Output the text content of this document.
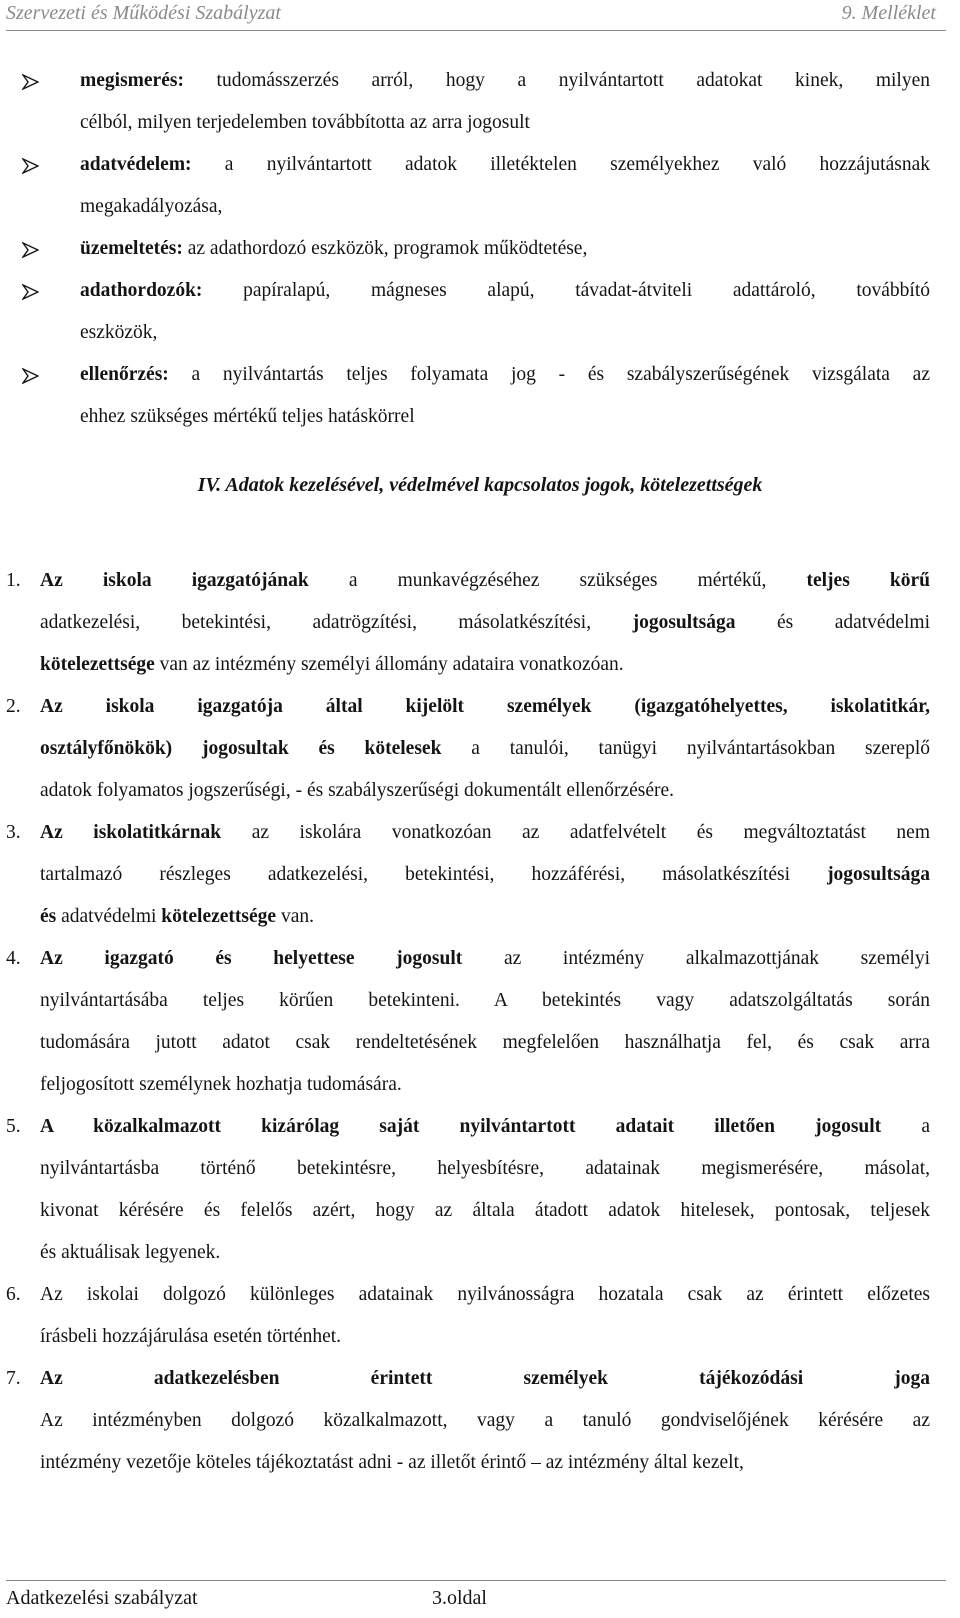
Szervezeti és Működési Szabályzat	9. Melléklet
megismerés: tudomásszerzés arról, hogy a nyilvántartott adatokat kinek, milyen
célból, milyen terjedelemben továbbította az arra jogosult
adatvédelem: a nyilvántartott adatok illetéktelen személyekhez való hozzájutásnak
megakadályozása,
üzemeltetés: az adathordozó eszközök, programok működtetése,
adathordozók: papíralapú, mágneses alapú, távadat-átviteli adattároló, továbbító
eszközök,
ellenőrzés: a nyilvántartás teljes folyamata jog - és szabályszerűségének vizsgálata az
ehhez szükséges mértékű teljes hatáskörrel
IV. Adatok kezelésével, védelmével kapcsolatos jogok, kötelezettségek
1. Az iskola igazgatójának a munkavégzéséhez szükséges mértékű, teljes körű
adatkezelési, betekintési, adatrögzítési, másolatkészítési, jogosultsága és adatvédelmi
kötelezettsége van az intézmény személyi állomány adataira vonatkozóan.
2. Az iskola igazgatója által kijelölt személyek (igazgatóhelyettes, iskolatitkár,
osztályfőnökök) jogosultak és kötelesek a tanulói, tanügyi nyilvántartásokban szereplő
adatok folyamatos jogszerűségi, - és szabályszerűségi dokumentált ellenőrzésére.
3. Az iskolatitkárnak az iskolára vonatkozóan az adatfelvételt és megváltoztatást nem
tartalmazó részleges adatkezelési, betekintési, hozzáférési, másolatkészítési jogosultsága
és adatvédelmi kötelezettsége van.
4. Az igazgató és helyettese jogosult az intézmény alkalmazottjának személyi
nyilvántartásába teljes körűen betekinteni. A betekintés vagy adatszolgáltatás során
tudomására jutott adatot csak rendeltetésének megfelelően használhatja fel, és csak arra
feljogosított személynek hozhatja tudomására.
5. A közalkalmazott kizárólag saját nyilvántartott adatait illetően jogosult a
nyilvántartásba történő betekintésre, helyesbítésre, adatainak megismerésére, másolat,
kivonat kérésére és felelős azért, hogy az általa átadott adatok hitelesek, pontosak, teljesek
és aktuálisak legyenek.
6. Az iskolai dolgozó különleges adatainak nyilvánosságra hozatala csak az érintett előzetes
írásbeli hozzájárulása esetén történhet.
7. Az adatkezelésben érintett személyek tájékozódási joga
Az intézményben dolgozó közalkalmazott, vagy a tanuló gondviselőjének kérésére az
intézmény vezetője köteles tájékoztatást adni - az illetőt érintő – az intézmény által kezelt,
Adatkezelési szabályzat	3.oldal
